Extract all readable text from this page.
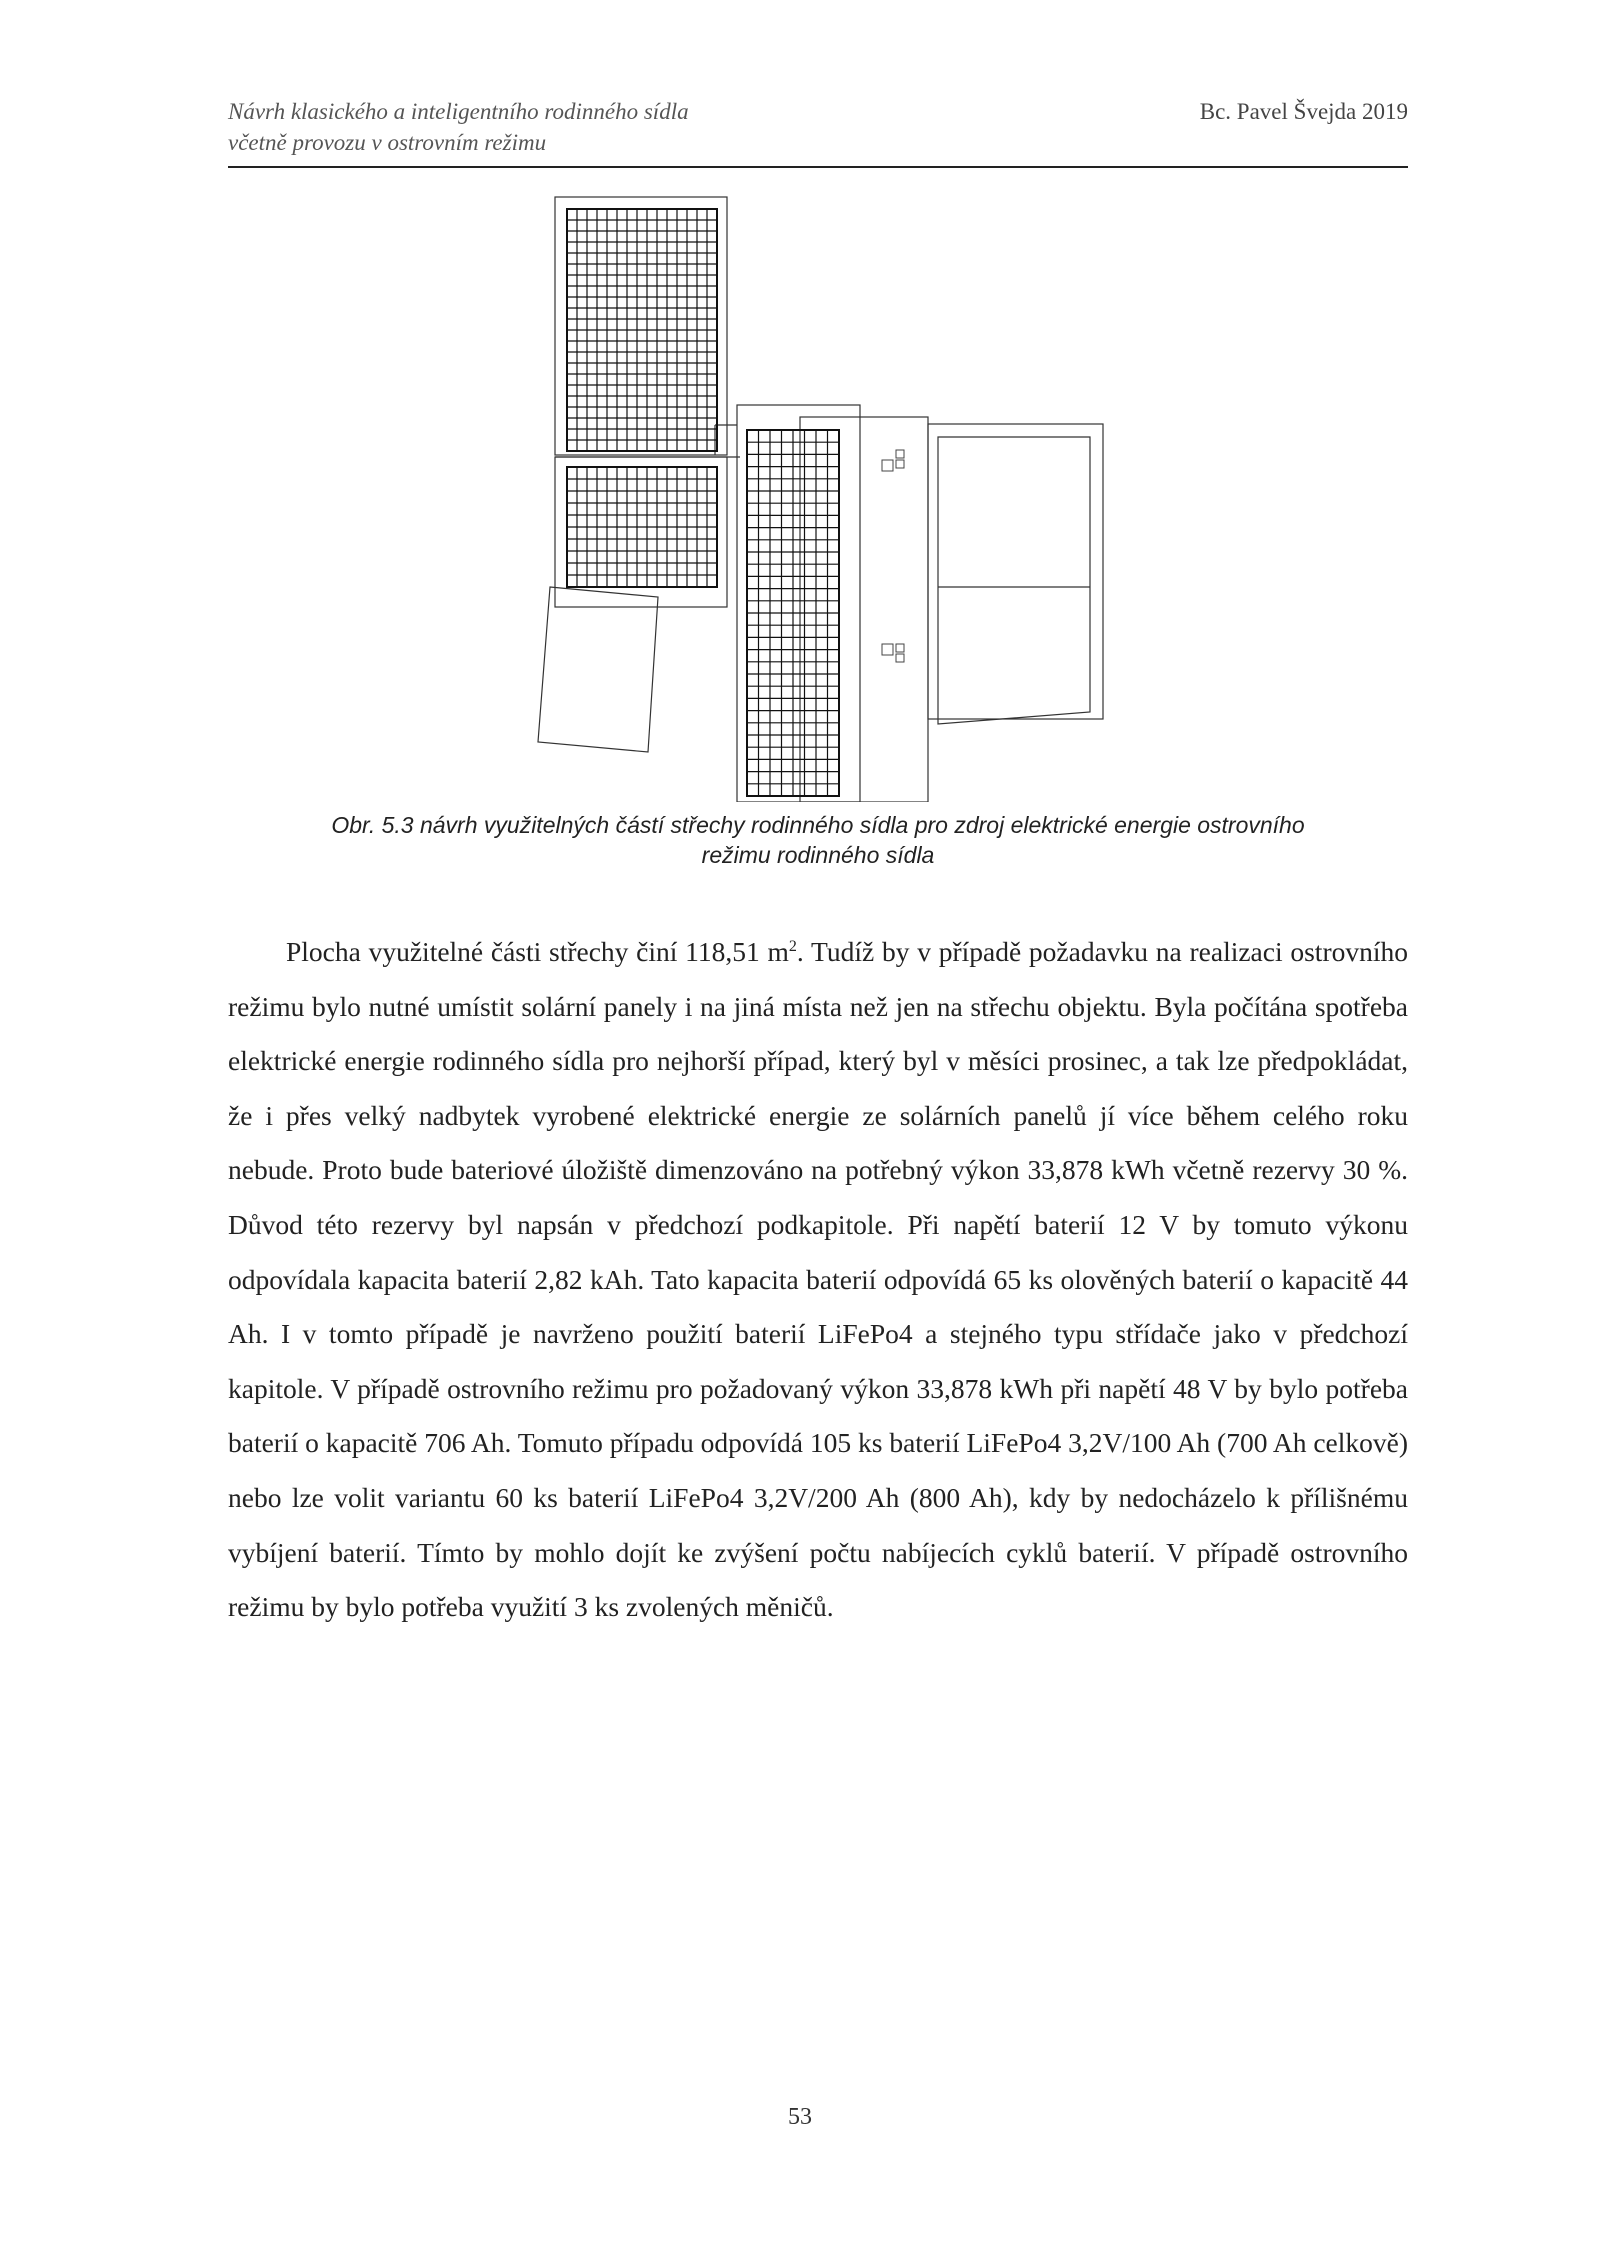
Návrh klasického a inteligentního rodinného sídla
včetně provozu v ostrovním režimu
Bc. Pavel Švejda 2019
Obr. 5.3 návrh využitelných částí střechy rodinného sídla pro zdroj elektrické energie ostrovního
režimu rodinného sídla

Plocha využitelné části střechy činí 118,51 $m^2$. Tudíž by v případě požadavku na realizaci ostrovního režimu bylo nutné umístit solární panely i na jiná místa než jen na střechu objektu. Byla počítána spotřeba elektrické energie rodinného sídla pro nejhorší případ, který byl v měsíci prosinec, a tak lze předpokládat, že i přes velký nadbytek vyrobené elektrické energie ze solárních panelů jí více během celého roku nebude. Proto bude bateriové úložiště dimenzováno na potřebný výkon 33,878 kWh včetně rezervy 30 %. Důvod této rezervy byl napsán v předchozí podkapitole. Při napětí baterií 12 V by tomuto výkonu odpovídala kapacita baterií 2,82 kAh. Tato kapacita baterií odpovídá 65 ks olověných baterií o kapacitě 44 Ah. I v tomto případě je navrženo použití baterií LiFePo4 a stejného typu střídače jako v předchozí kapitole. V případě ostrovního režimu pro požadovaný výkon 33,878 kWh při napětí 48 V by bylo potřeba baterií o kapacitě 706 Ah. Tomuto případu odpovídá 105 ks baterií LiFePo4 3,2V/100 Ah (700 Ah celkově) nebo lze volit variantu 60 ks baterií LiFePo4 3,2V/200 Ah (800 Ah), kdy by nedocházelo k přílišnému vybíjení baterií. Tímto by mohlo dojít ke zvýšení počtu nabíjecích cyklů baterií. V případě ostrovního režimu by bylo potřeba využití 3 ks zvolených měničů.

53
